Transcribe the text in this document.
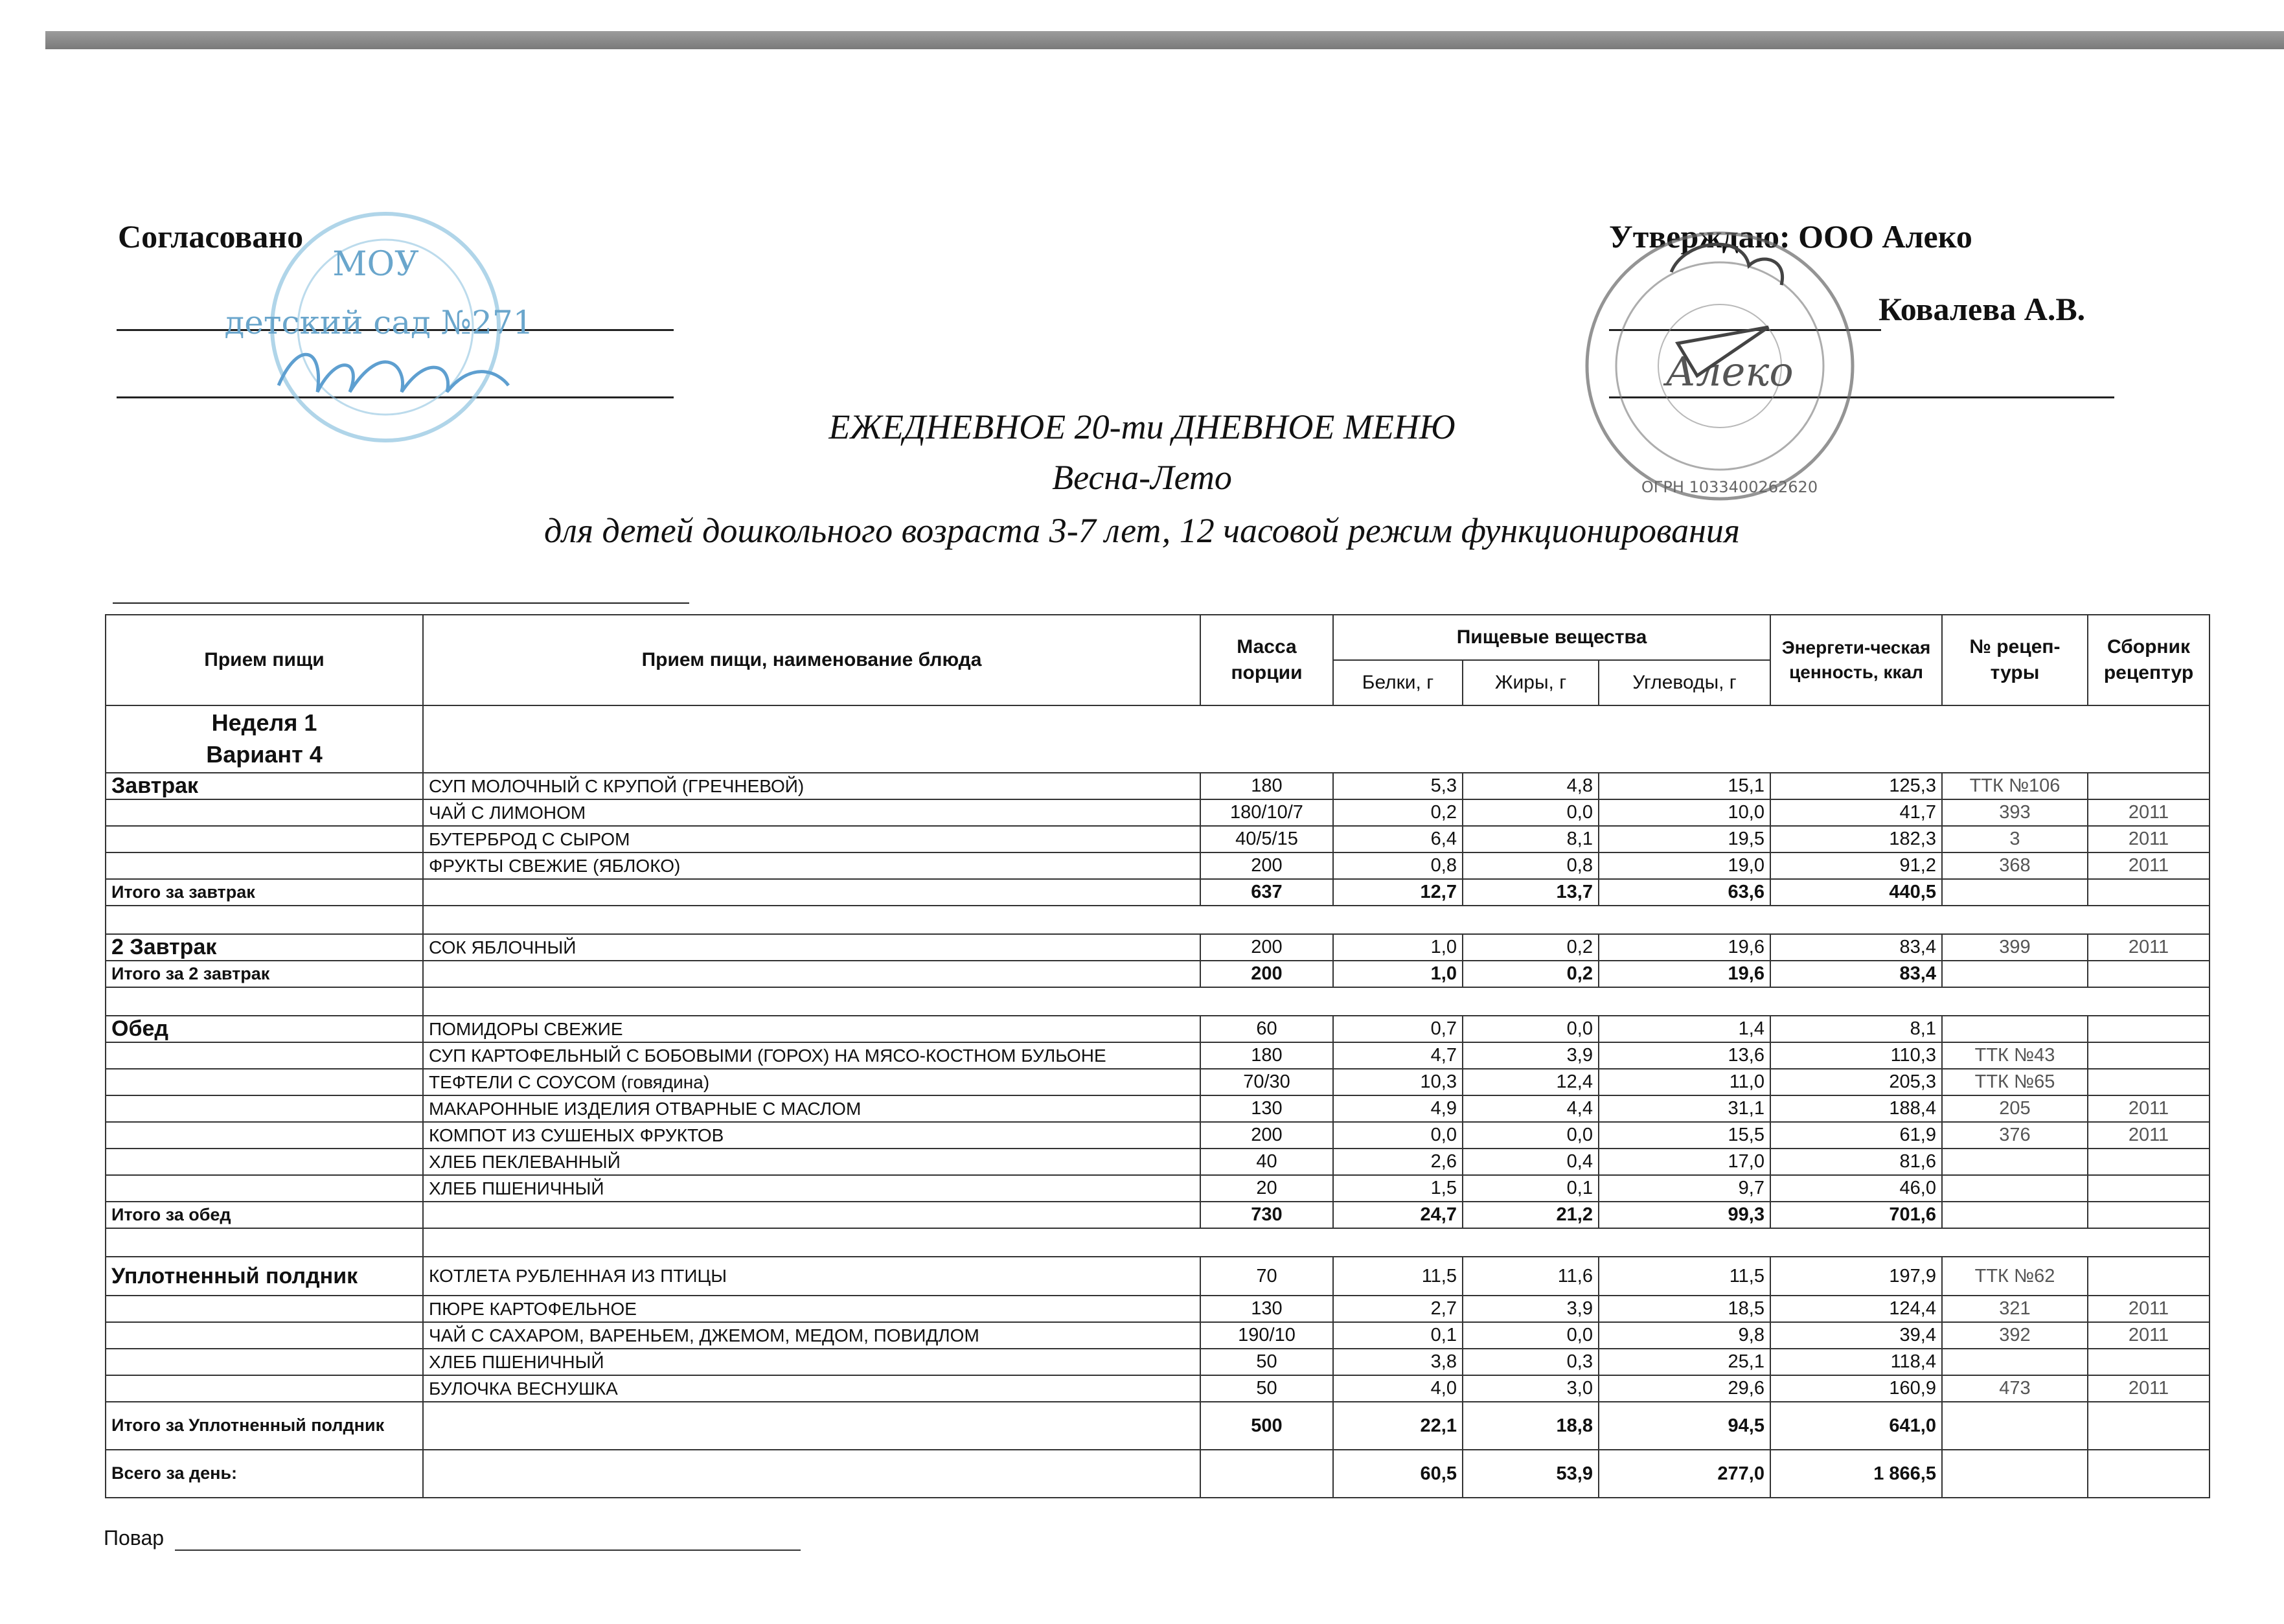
Согласовано
МОУ
детский сад №271
Утверждаю: ООО Алеко
Ковалева А.В.
Алеко
ОГРН 1033400262620
ЕЖЕДНЕВНОЕ 20-ти ДНЕВНОЕ МЕНЮ
Весна-Лето
для детей дошкольного возраста 3-7 лет, 12 часовой режим функционирования
Прием пищи	Прием пищи, наименование блюда	Масса порции	Пищевые вещества			Энергети-ческая ценность, ккал	№ рецеп-туры	Сборник рецептур
			Белки, г	Жиры, г	Углеводы, г			

Неделя 1
Вариант 4								

Завтрак	СУП МОЛОЧНЫЙ С КРУПОЙ (ГРЕЧНЕВОЙ)	180	5,3	4,8	15,1	125,3	ТТК №106	
	ЧАЙ С ЛИМОНОМ	180/10/7	0,2	0,0	10,0	41,7	393	2011
	БУТЕРБРОД С СЫРОМ	40/5/15	6,4	8,1	19,5	182,3	3	2011
	ФРУКТЫ СВЕЖИЕ (ЯБЛОКО)	200	0,8	0,8	19,0	91,2	368	2011
Итого за завтрак		637	12,7	13,7	63,6	440,5		

2 Завтрак	СОК ЯБЛОЧНЫЙ	200	1,0	0,2	19,6	83,4	399	2011
Итого за 2 завтрак		200	1,0	0,2	19,6	83,4		

Обед	ПОМИДОРЫ СВЕЖИЕ	60	0,7	0,0	1,4	8,1		
	СУП КАРТОФЕЛЬНЫЙ С БОБОВЫМИ (ГОРОХ) НА МЯСО-КОСТНОМ БУЛЬОНЕ	180	4,7	3,9	13,6	110,3	ТТК №43	
	ТЕФТЕЛИ С СОУСОМ (говядина)	70/30	10,3	12,4	11,0	205,3	ТТК №65	
	МАКАРОННЫЕ ИЗДЕЛИЯ ОТВАРНЫЕ С МАСЛОМ	130	4,9	4,4	31,1	188,4	205	2011
	КОМПОТ ИЗ СУШЕНЫХ ФРУКТОВ	200	0,0	0,0	15,5	61,9	376	2011
	ХЛЕБ ПЕКЛЕВАННЫЙ	40	2,6	0,4	17,0	81,6		
	ХЛЕБ ПШЕНИЧНЫЙ	20	1,5	0,1	9,7	46,0		
Итого за обед		730	24,7	21,2	99,3	701,6		

Уплотненный полдник	КОТЛЕТА РУБЛЕННАЯ ИЗ ПТИЦЫ	70	11,5	11,6	11,5	197,9	ТТК №62	
	ПЮРЕ КАРТОФЕЛЬНОЕ	130	2,7	3,9	18,5	124,4	321	2011
	ЧАЙ С САХАРОМ, ВАРЕНЬЕМ, ДЖЕМОМ, МЕДОМ, ПОВИДЛОМ	190/10	0,1	0,0	9,8	39,4	392	2011
	ХЛЕБ ПШЕНИЧНЫЙ	50	3,8	0,3	25,1	118,4		
	БУЛОЧКА ВЕСНУШКА	50	4,0	3,0	29,6	160,9	473	2011
Итого за Уплотненный полдник		500	22,1	18,8	94,5	641,0		
Всего за день:			60,5	53,9	277,0	1 866,5		
Повар
